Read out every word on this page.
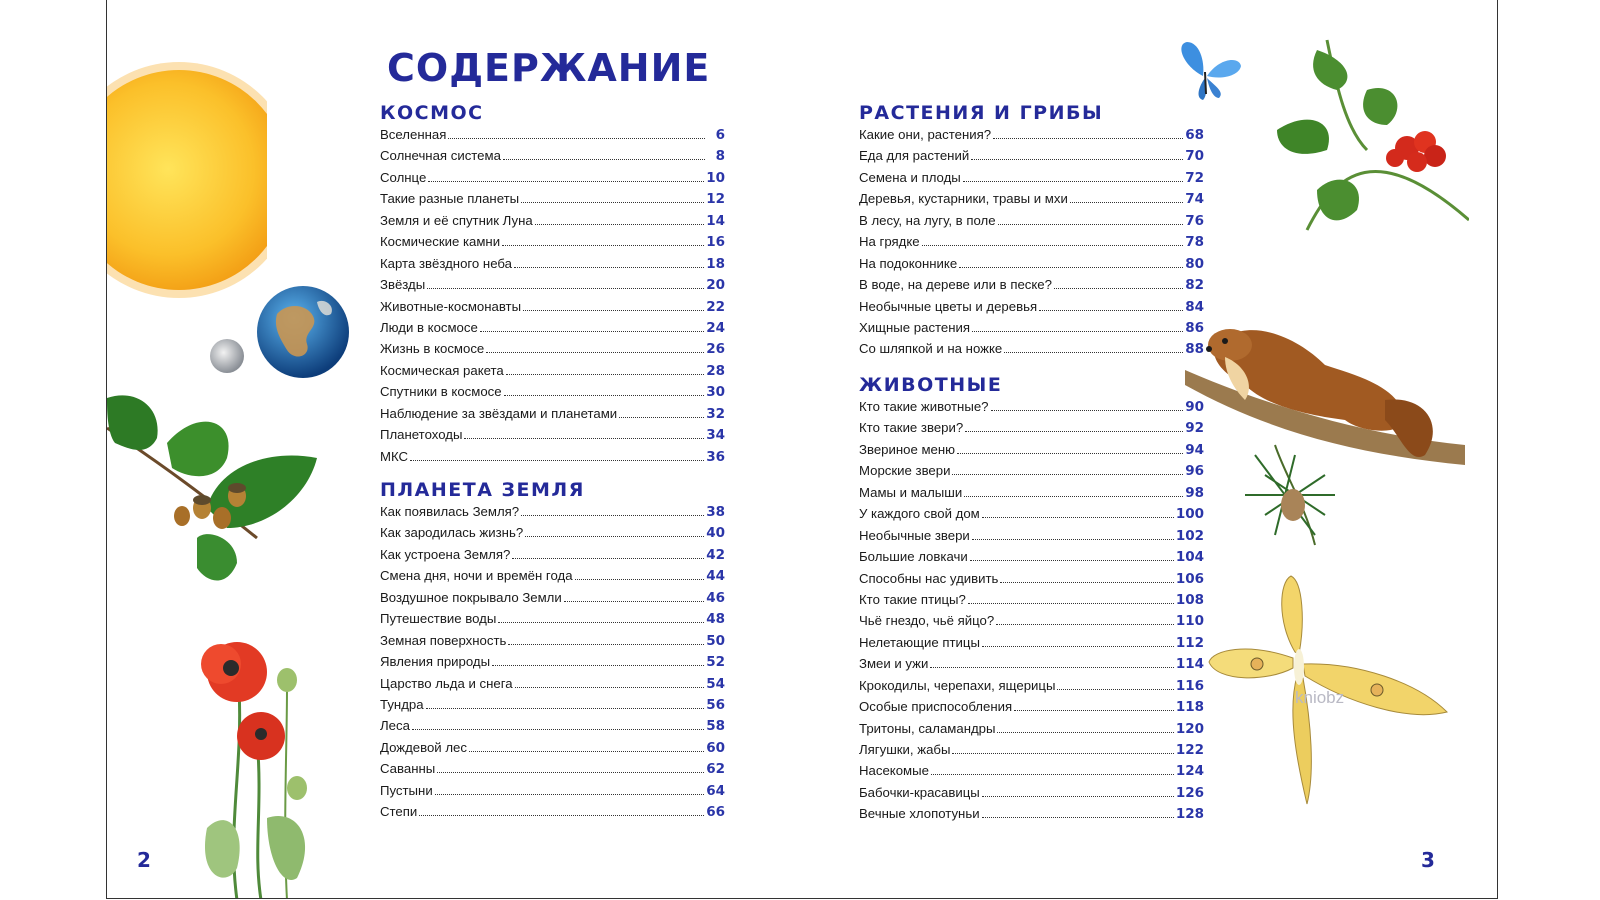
СОДЕРЖАНИЕ
КОСМОС
Вселенная	6
Солнечная система	8
Солнце	10
Такие разные планеты	12
Земля и её спутник Луна	14
Космические камни	16
Карта звёздного неба	18
Звёзды	20
Животные-космонавты	22
Люди в космосе	24
Жизнь в космосе	26
Космическая ракета	28
Спутники в космосе	30
Наблюдение за звёздами и планетами	32
Планетоходы	34
МКС	36
ПЛАНЕТА ЗЕМЛЯ
Как появилась Земля?	38
Как зародилась жизнь?	40
Как устроена Земля?	42
Смена дня, ночи и времён года	44
Воздушное покрывало Земли	46
Путешествие воды	48
Земная поверхность	50
Явления природы	52
Царство льда и снега	54
Тундра	56
Леса	58
Дождевой лес	60
Саванны	62
Пустыни	64
Степи	66
РАСТЕНИЯ И ГРИБЫ
Какие они, растения?	68
Еда для растений	70
Семена и плоды	72
Деревья, кустарники, травы и мхи	74
В лесу, на лугу, в поле	76
На грядке	78
На подоконнике	80
В воде, на дереве или в песке?	82
Необычные цветы и деревья	84
Хищные растения	86
Со шляпкой и на ножке	88
ЖИВОТНЫЕ
Кто такие животные?	90
Кто такие звери?	92
Звериное меню	94
Морские звери	96
Мамы и малыши	98
У каждого свой дом	100
Необычные звери	102
Большие ловкачи	104
Способны нас удивить	106
Кто такие птицы?	108
Чьё гнездо, чьё яйцо?	110
Нелетающие птицы	112
Змеи и ужи	114
Крокодилы, черепахи, ящерицы	116
Особые приспособления	118
Тритоны, саламандры	120
Лягушки, жабы	122
Насекомые	124
Бабочки-красавицы	126
Вечные хлопотуньи	128
2	3
kniobz
